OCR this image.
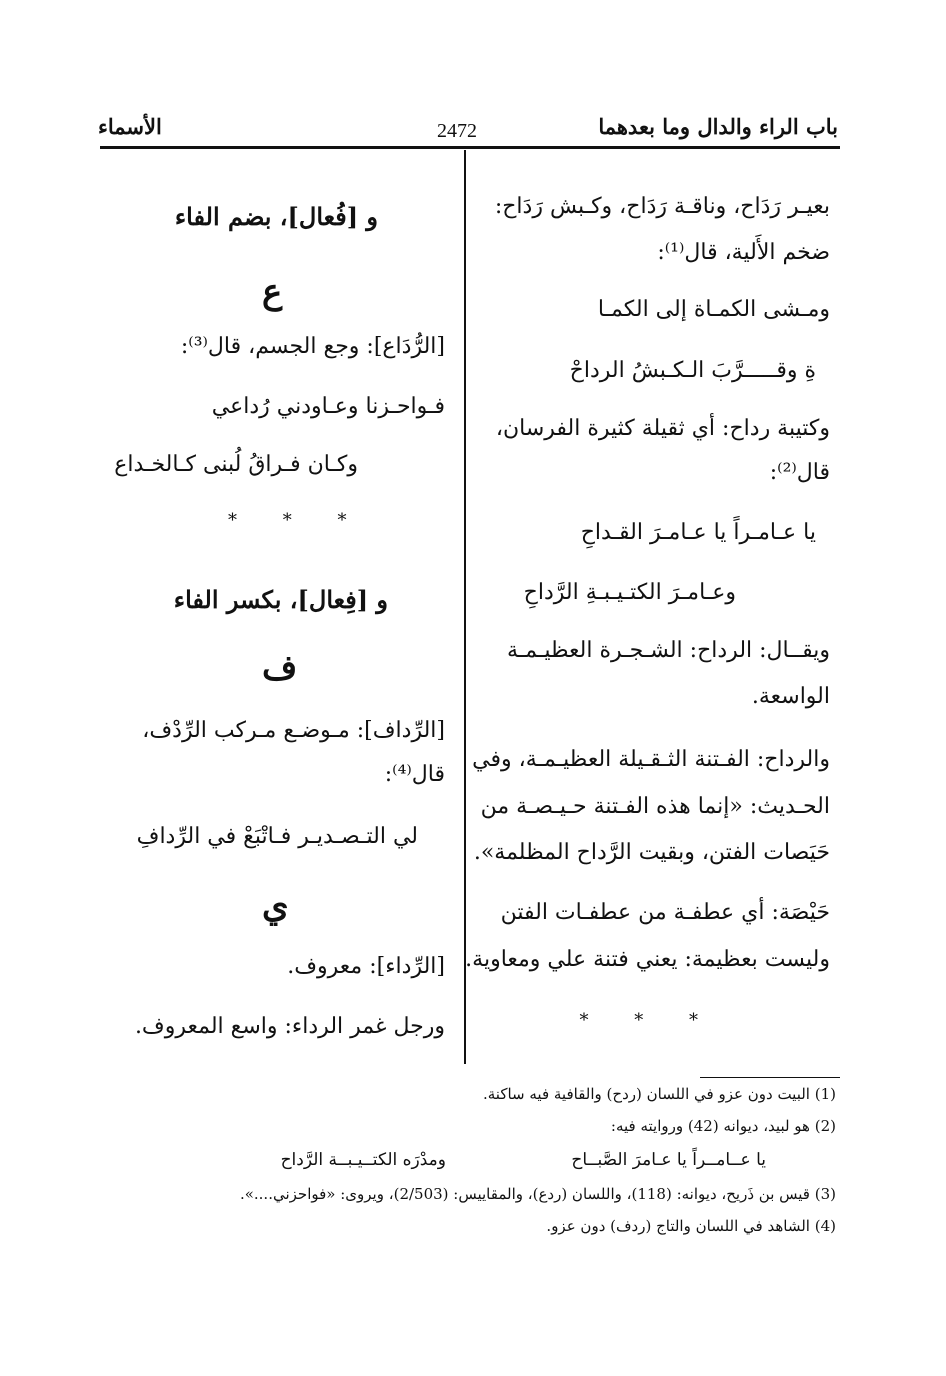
باب الراء والدال وما بعدهما
2472
الأسماء
بعيـر رَدَاح، وناقـة رَدَاح، وكـبش رَدَاح:
ضخم الأَلية، قال⁽¹⁾:
ومـشى الكمـاة إلى الكمـا
ةِ وقـــــرَّبَ الـكـبشُ الرداحْ
وكتيبة رداح: أي ثقيلة كثيرة الفرسان،
قال⁽²⁾:
يا عـامـراً يا عـامـرَ القـداحِ
وعـامـرَ الكتـيـبـةِ الرَّداحِ
ويقــال: الرداح: الشـجـرة العظيـمـة
الواسعة.
والرداح: الفـتنة الثـقـيلة العظيـمـة، وفي
الحـديث: «إنما هذه الفـتنة حـيـصـة من
حَيَصات الفتن، وبقيت الرَّداح المظلمة».
حَيْصَة: أي عطفـة من عطفـات الفتن
وليست بعظيمة: يعني فتنة علي ومعاوية.
* * *
و [فُعال]، بضم الفاء
ع
[الرُّدَاع]: وجع الجسم، قال⁽³⁾:
فـواحـزنا وعـاودني رُداعي
وكـان فـراقُ لُبنى كـالخـداع
* * *
و [فِعال]، بكسر الفاء
ف
[الرِّداف]: مـوضـع مـركب الرِّدْف،
قال⁽⁴⁾:
لي التـصـديـر فـاتْبَعْ في الرِّدافِ
ي
[الرِّداء]: معروف.
ورجل غمر الرداء: واسع المعروف.
(1) البيت دون عزو في اللسان (ردح) والقافية فيه ساكنة.
(2) هو لبيد، ديوانه (42) وروايته فيه:
يا عــامــراً يا عـامرَ الصَّبــاح
ومدْرَه الكتــيـبــة الرَّداح
(3) قيس بن ذَريح، ديوانه: (118)، واللسان (ردع)، والمقاييس: (2/503)، ويروى: «فواحزني....».
(4) الشاهد في اللسان والتاج (ردف) دون عزو.
